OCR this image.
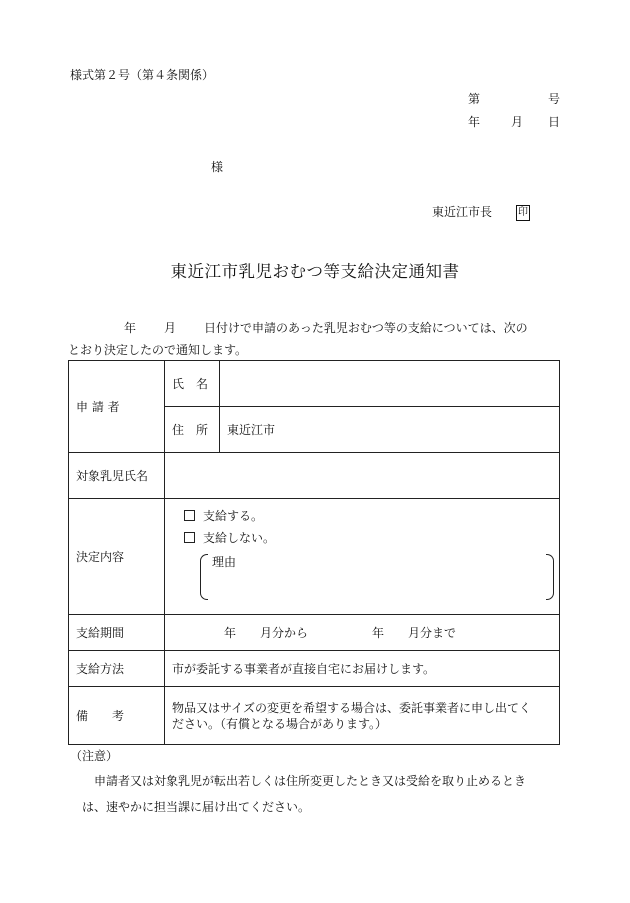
様式第２号（第４条関係）
第	号
年	月 日
様
東近江市長	印
東近江市乳児おむつ等支給決定通知書
年 月 日付けで申請のあった乳児おむつ等の支給については、次の
とおり決定したので通知します。
申 請 者	氏　名	
	住　所	東近江市
対象乳児氏名		
決定内容	支給する。
支給しない。
理由	

支給期間	年 月分から 年 月分まで	
支給方法	市が委託する事業者が直接自宅にお届けします。	
備　　考	物品又はサイズの変更を希望する場合は、委託事業者に申し出てく
ださい。（有償となる場合があります。）	
（注意）
申請者又は対象乳児が転出若しくは住所変更したとき又は受給を取り止めるとき
は、速やかに担当課に届け出てください。
